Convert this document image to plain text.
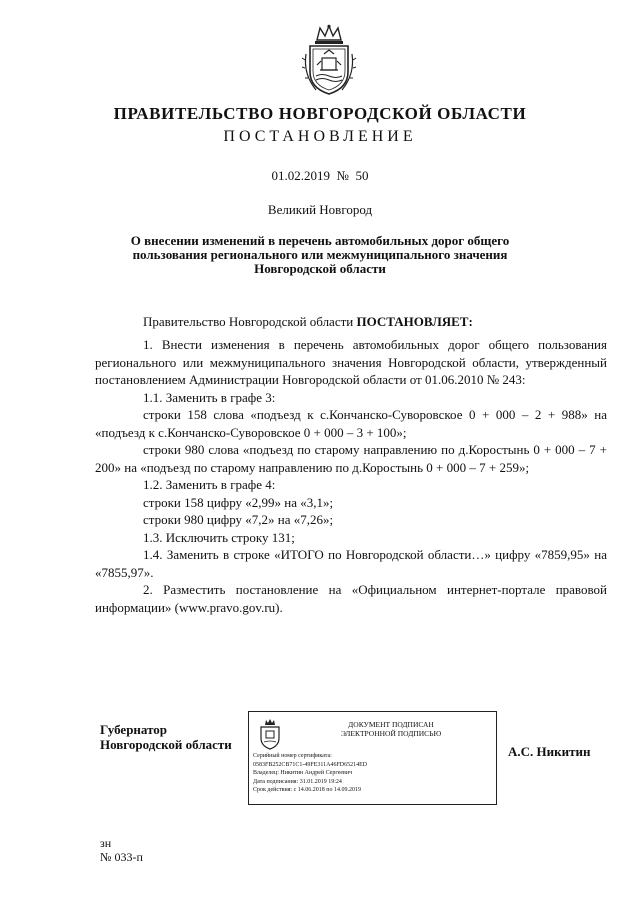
ПРАВИТЕЛЬСТВО НОВГОРОДСКОЙ ОБЛАСТИ
ПОСТАНОВЛЕНИЕ
01.02.2019  №  50
Великий Новгород
О внесении изменений в перечень автомобильных дорог общего
пользования регионального или межмуниципального значения
Новгородской области
Правительство Новгородской области ПОСТАНОВЛЯЕТ:
1. Внести изменения в перечень автомобильных дорог общего пользования регионального или межмуниципального значения Новгородской области, утвержденный постановлением Администрации Новгородской области от 01.06.2010 № 243:
1.1. Заменить в графе 3:
строки 158 слова «подъезд к с.Кончанско-Суворовское 0 + 000 – 2 + 988» на «подъезд к с.Кончанско-Суворовское 0 + 000 – 3 + 100»;
строки 980 слова «подъезд по старому направлению по д.Коростынь 0 + 000 – 7 + 200» на «подъезд по старому направлению по д.Коростынь 0 + 000 – 7 + 259»;
1.2. Заменить в графе 4:
строки 158 цифру «2,99» на «3,1»;
строки 980 цифру «7,2» на «7,26»;
1.3. Исключить строку 131;
1.4. Заменить в строке «ИТОГО по Новгородской области…» цифру «7859,95» на «7855,97».
2. Разместить постановление на «Официальном интернет-портале правовой информации» (www.pravo.gov.ru).
Губернатор
Новгородской области
ДОКУМЕНТ ПОДПИСАН
ЭЛЕКТРОННОЙ ПОДПИСЬЮ
Серийный номер сертификата:
0583FB252CB71C1-49FE311A46FD65214ED
Владелец: Никитин Андрей Сергеевич
Дата подписания: 31.01.2019 19:24
Срок действия: с 14.06.2018 по 14.09.2019
А.С. Никитин
зн
№ 033-п
